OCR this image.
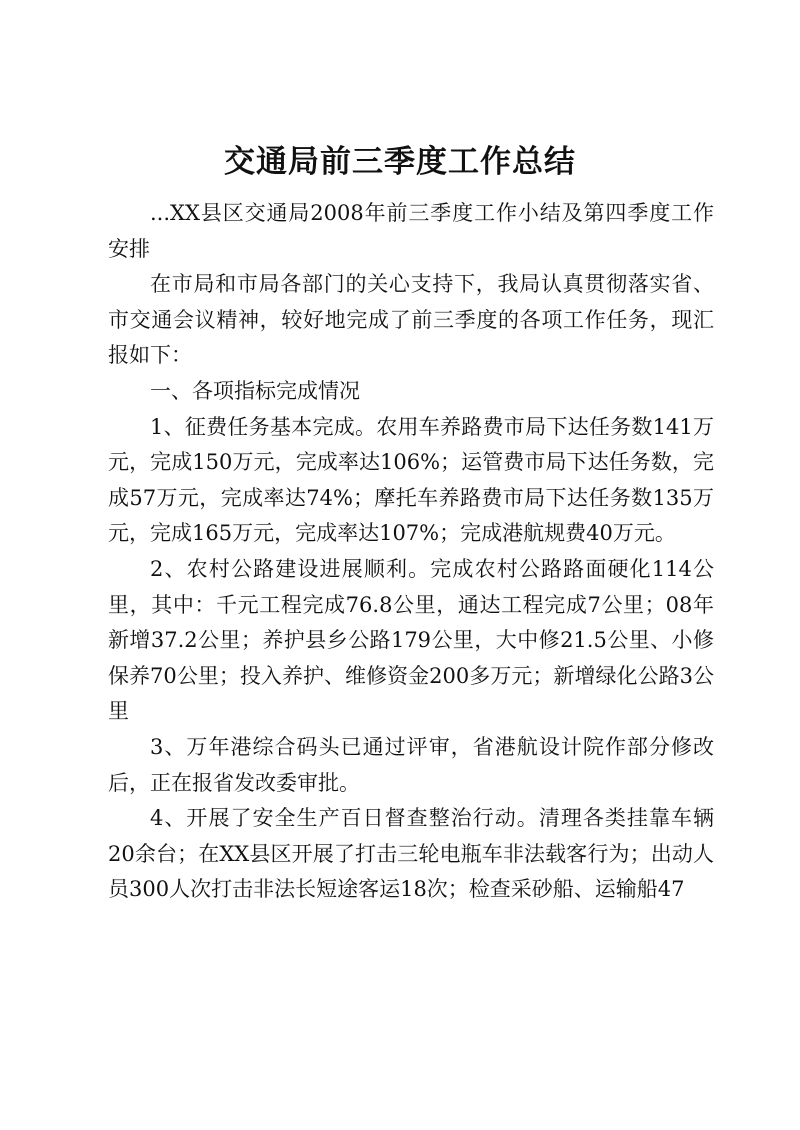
交通局前三季度工作总结

...XX县区交通局2008年前三季度工作小结及第四季度工作安排

在市局和市局各部门的关心支持下，我局认真贯彻落实省、市交通会议精神，较好地完成了前三季度的各项工作任务，现汇报如下：

一、各项指标完成情况

1、征费任务基本完成。农用车养路费市局下达任务数141万元，完成150万元，完成率达106%；运管费市局下达任务数，完成57万元，完成率达74%；摩托车养路费市局下达任务数135万元，完成165万元，完成率达107%；完成港航规费40万元。

2、农村公路建设进展顺利。完成农村公路路面硬化114公里，其中：千元工程完成76.8公里，通达工程完成7公里；08年新增37.2公里；养护县乡公路179公里，大中修21.5公里、小修保养70公里；投入养护、维修资金200多万元；新增绿化公路3公里

3、万年港综合码头已通过评审，省港航设计院作部分修改后，正在报省发改委审批。

4、开展了安全生产百日督查整治行动。清理各类挂靠车辆20余台；在XX县区开展了打击三轮电瓶车非法载客行为；出动人员300人次打击非法长短途客运18次；检查采砂船、运输船47
